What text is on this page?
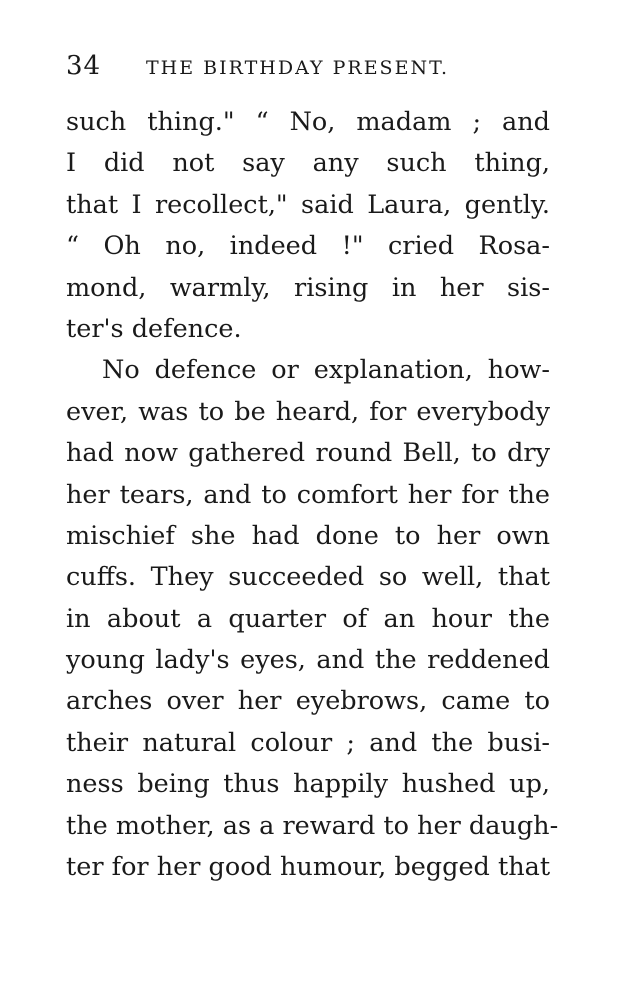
34 THE BIRTHDAY PRESENT.
such thing." “ No, madam ; and
I did not say any such thing,
that I recollect," said Laura, gently.
“ Oh no, indeed !" cried Rosa-
mond, warmly, rising in her sis-
ter's defence.
No defence or explanation, how-
ever, was to be heard, for everybody
had now gathered round Bell, to dry
her tears, and to comfort her for the
mischief she had done to her own
cuffs. They succeeded so well, that
in about a quarter of an hour the
young lady's eyes, and the reddened
arches over her eyebrows, came to
their natural colour ; and the busi-
ness being thus happily hushed up,
the mother, as a reward to her daugh-
ter for her good humour, begged that
